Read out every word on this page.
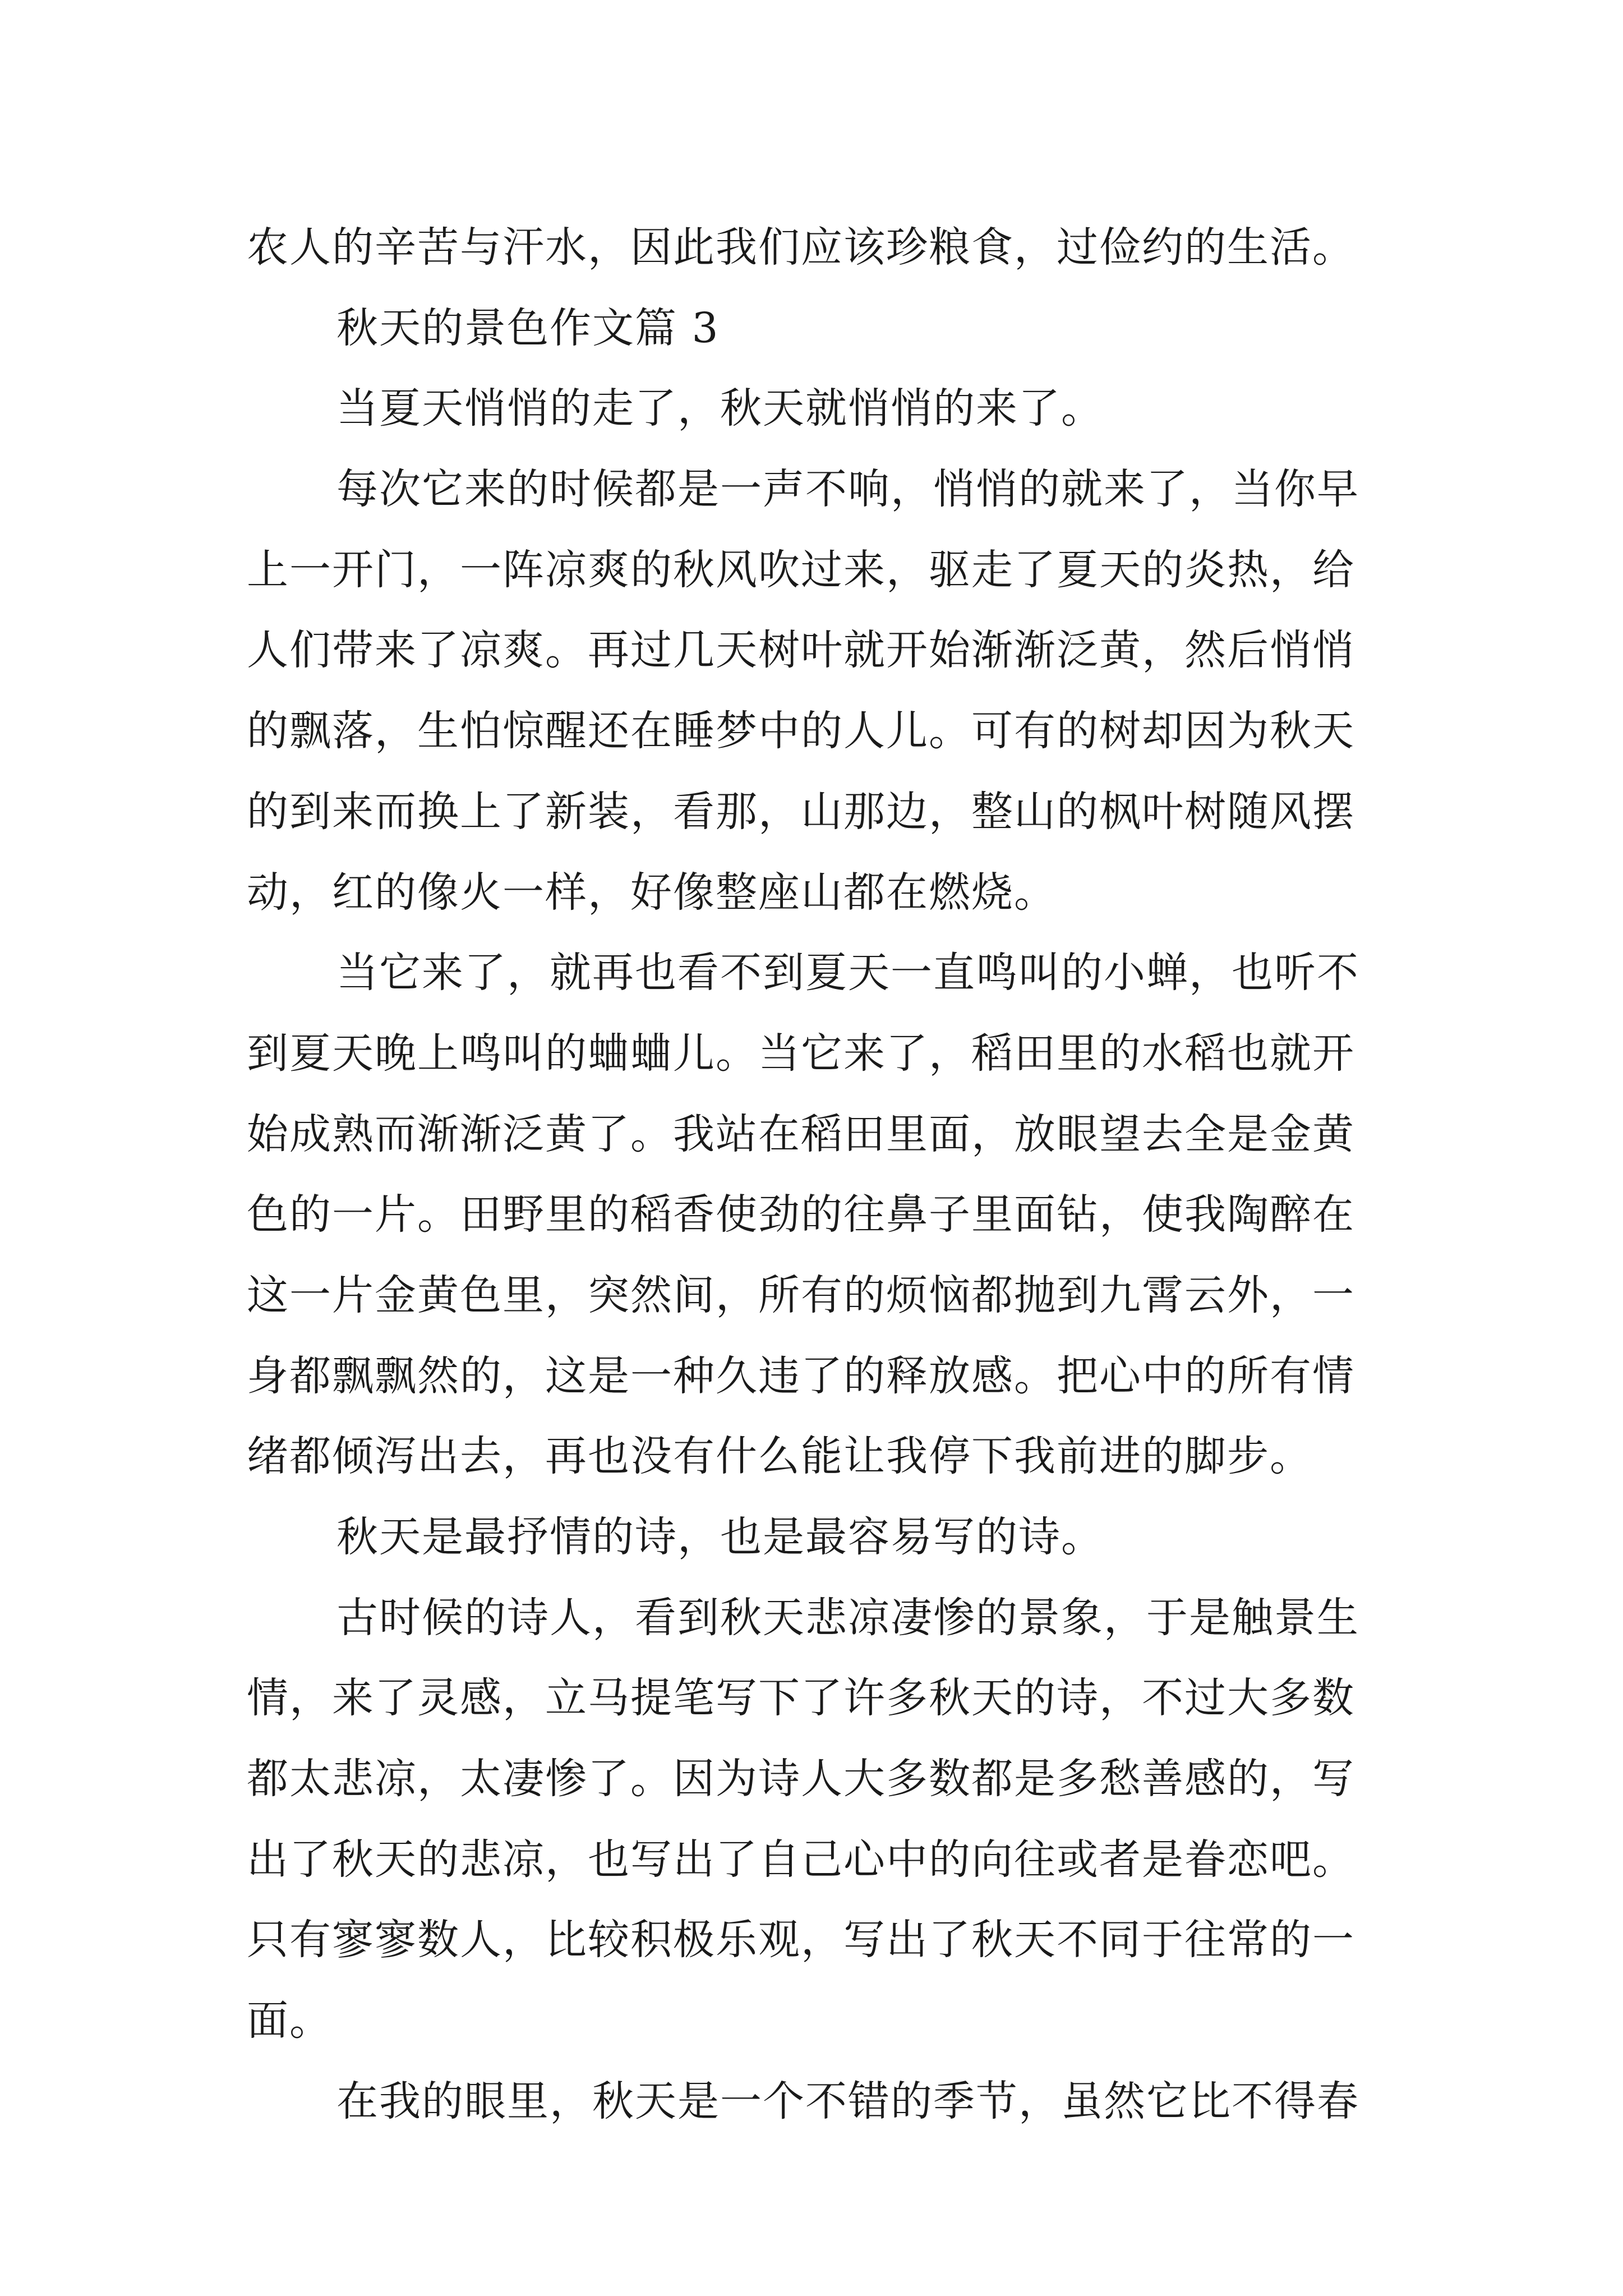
农人的辛苦与汗水，因此我们应该珍粮食，过俭约的生活。
秋天的景色作文篇 3
当夏天悄悄的走了，秋天就悄悄的来了。
每次它来的时候都是一声不响，悄悄的就来了，当你早
上一开门，一阵凉爽的秋风吹过来，驱走了夏天的炎热，给
人们带来了凉爽。再过几天树叶就开始渐渐泛黄，然后悄悄
的飘落，生怕惊醒还在睡梦中的人儿。可有的树却因为秋天
的到来而换上了新装，看那，山那边，整山的枫叶树随风摆
动，红的像火一样，好像整座山都在燃烧。
当它来了，就再也看不到夏天一直鸣叫的小蝉，也听不
到夏天晚上鸣叫的蛐蛐儿。当它来了，稻田里的水稻也就开
始成熟而渐渐泛黄了。我站在稻田里面，放眼望去全是金黄
色的一片。田野里的稻香使劲的往鼻子里面钻，使我陶醉在
这一片金黄色里，突然间，所有的烦恼都抛到九霄云外，一
身都飘飘然的，这是一种久违了的释放感。把心中的所有情
绪都倾泻出去，再也没有什么能让我停下我前进的脚步。
秋天是最抒情的诗，也是最容易写的诗。
古时候的诗人，看到秋天悲凉凄惨的景象，于是触景生
情，来了灵感，立马提笔写下了许多秋天的诗，不过大多数
都太悲凉，太凄惨了。因为诗人大多数都是多愁善感的，写
出了秋天的悲凉，也写出了自己心中的向往或者是眷恋吧。
只有寥寥数人，比较积极乐观，写出了秋天不同于往常的一
面。
在我的眼里，秋天是一个不错的季节，虽然它比不得春
